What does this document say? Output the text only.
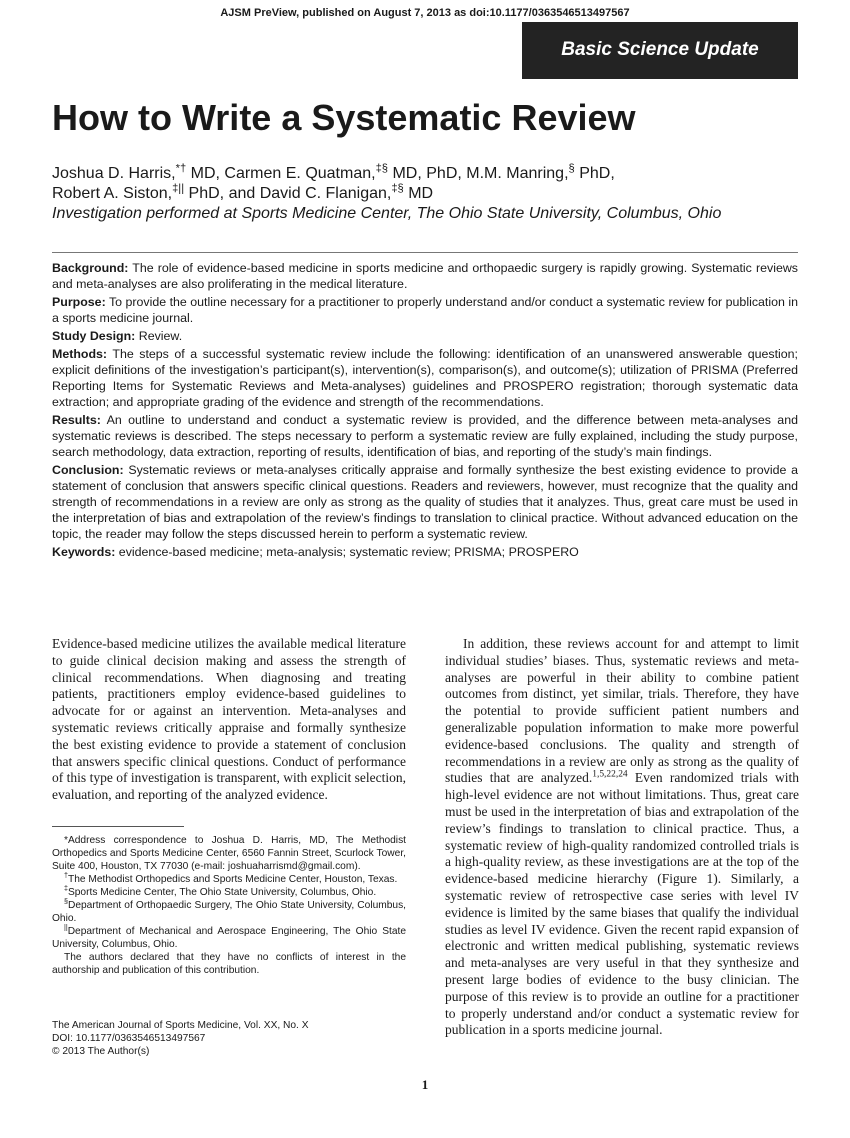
AJSM PreView, published on August 7, 2013 as doi:10.1177/0363546513497567
Basic Science Update
How to Write a Systematic Review
Joshua D. Harris,*† MD, Carmen E. Quatman,‡§ MD, PhD, M.M. Manring,§ PhD,
Robert A. Siston,‡|| PhD, and David C. Flanigan,‡§ MD
Investigation performed at Sports Medicine Center, The Ohio State University, Columbus, Ohio

Background: The role of evidence-based medicine in sports medicine and orthopaedic surgery is rapidly growing. Systematic reviews and meta-analyses are also proliferating in the medical literature.

Purpose: To provide the outline necessary for a practitioner to properly understand and/or conduct a systematic review for publication in a sports medicine journal.

Study Design: Review.

Methods: The steps of a successful systematic review include the following: identification of an unanswered answerable question; explicit definitions of the investigation’s participant(s), intervention(s), comparison(s), and outcome(s); utilization of PRISMA (Preferred Reporting Items for Systematic Reviews and Meta-analyses) guidelines and PROSPERO registration; thorough systematic data extraction; and appropriate grading of the evidence and strength of the recommendations.

Results: An outline to understand and conduct a systematic review is provided, and the difference between meta-analyses and systematic reviews is described. The steps necessary to perform a systematic review are fully explained, including the study purpose, search methodology, data extraction, reporting of results, identification of bias, and reporting of the study’s main findings.

Conclusion: Systematic reviews or meta-analyses critically appraise and formally synthesize the best existing evidence to provide a statement of conclusion that answers specific clinical questions. Readers and reviewers, however, must recognize that the quality and strength of recommendations in a review are only as strong as the quality of studies that it analyzes. Thus, great care must be used in the interpretation of bias and extrapolation of the review’s findings to translation to clinical practice. Without advanced education on the topic, the reader may follow the steps discussed herein to perform a systematic review.

Keywords: evidence-based medicine; meta-analysis; systematic review; PRISMA; PROSPERO

Evidence-based medicine utilizes the available medical literature to guide clinical decision making and assess the strength of clinical recommendations. When diagnosing and treating patients, practitioners employ evidence-based guidelines to advocate for or against an intervention. Meta-analyses and systematic reviews critically appraise and formally synthesize the best existing evidence to provide a statement of conclusion that answers specific clinical questions. Conduct of performance of this type of investigation is transparent, with explicit selection, evaluation, and reporting of the analyzed evidence.

In addition, these reviews account for and attempt to limit individual studies’ biases. Thus, systematic reviews and meta-analyses are powerful in their ability to combine patient outcomes from distinct, yet similar, trials. Therefore, they have the potential to provide sufficient patient numbers and generalizable population information to make more powerful evidence-based conclusions. The quality and strength of recommendations in a review are only as strong as the quality of studies that are analyzed.$^{1,5,22,24}$ Even randomized trials with high-level evidence are not without limitations. Thus, great care must be used in the interpretation of bias and extrapolation of the review’s findings to translation to clinical practice. Thus, a systematic review of high-quality randomized controlled trials is a high-quality review, as these investigations are at the top of the evidence-based medicine hierarchy (Figure 1). Similarly, a systematic review of retrospective case series with level IV evidence is limited by the same biases that qualify the individual studies as level IV evidence. Given the recent rapid expansion of electronic and written medical publishing, systematic reviews and meta-analyses are very useful in that they synthesize and present large bodies of evidence to the busy clinician. The purpose of this review is to provide an outline for a practitioner to properly understand and/or conduct a systematic review for publication in a sports medicine journal.

*Address correspondence to Joshua D. Harris, MD, The Methodist Orthopedics and Sports Medicine Center, 6560 Fannin Street, Scurlock Tower, Suite 400, Houston, TX 77030 (e-mail: joshuaharrismd@gmail.com).

†The Methodist Orthopedics and Sports Medicine Center, Houston, Texas.

‡Sports Medicine Center, The Ohio State University, Columbus, Ohio.

§Department of Orthopaedic Surgery, The Ohio State University, Columbus, Ohio.

||Department of Mechanical and Aerospace Engineering, The Ohio State University, Columbus, Ohio.

The authors declared that they have no conflicts of interest in the authorship and publication of this contribution.

The American Journal of Sports Medicine, Vol. XX, No. X
DOI: 10.1177/0363546513497567
© 2013 The Author(s)
1
